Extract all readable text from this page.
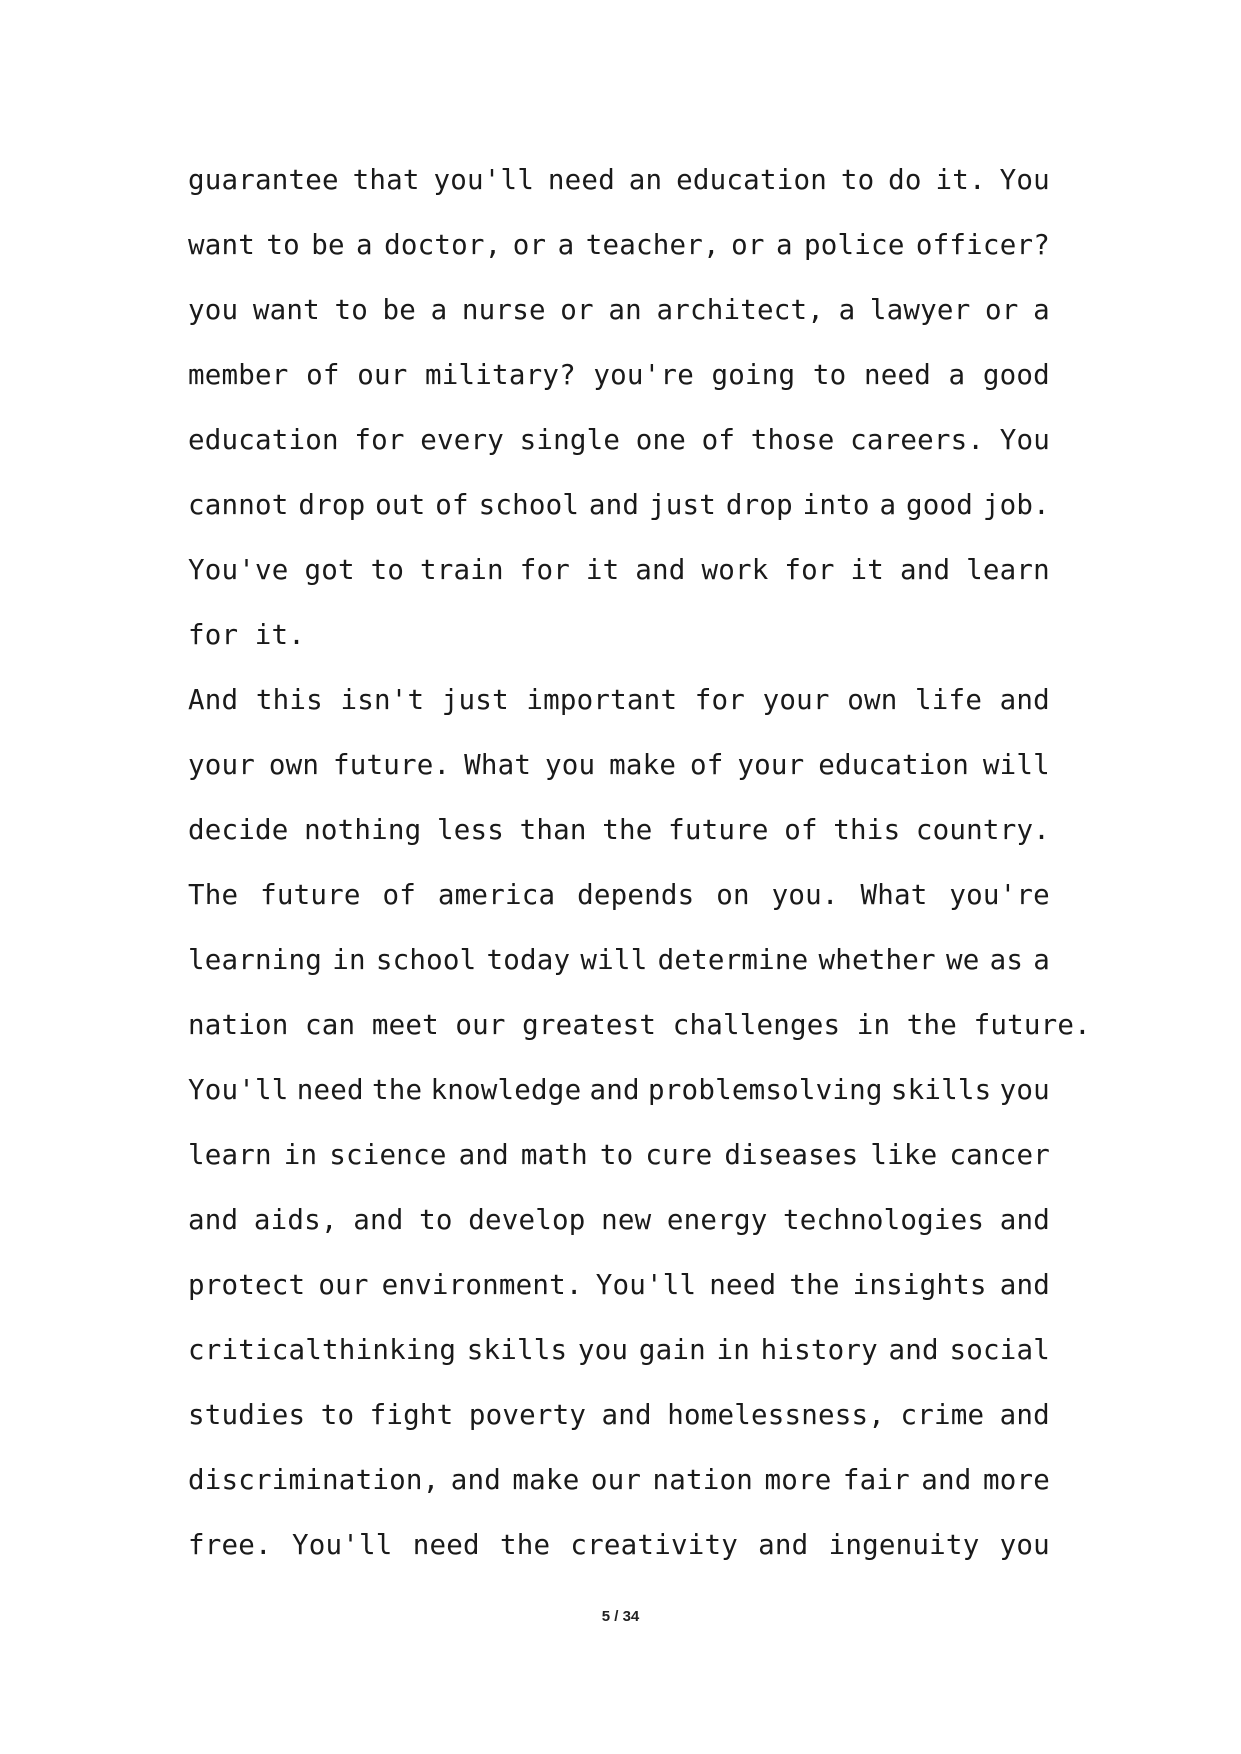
guarantee that you'll need an education to do it. You
want to be a doctor, or a teacher, or a police officer?
you want to be a nurse or an architect, a lawyer or a
member of our military? you're going to need a good
education for every single one of those careers. You
cannot drop out of school and just drop into a good job.
You've got to train for it and work for it and learn
for it.
And this isn't just important for your own life and
your own future. What you make of your education will
decide nothing less than the future of this country.
The future of america depends on you. What you're
learning in school today will determine whether we as a
nation can meet our greatest challenges in the future.
You'll need the knowledge and problemsolving skills you
learn in science and math to cure diseases like cancer
and aids, and to develop new energy technologies and
protect our environment. You'll need the insights and
criticalthinking skills you gain in history and social
studies to fight poverty and homelessness, crime and
discrimination, and make our nation more fair and more
free. You'll need the creativity and ingenuity you
5 / 34
